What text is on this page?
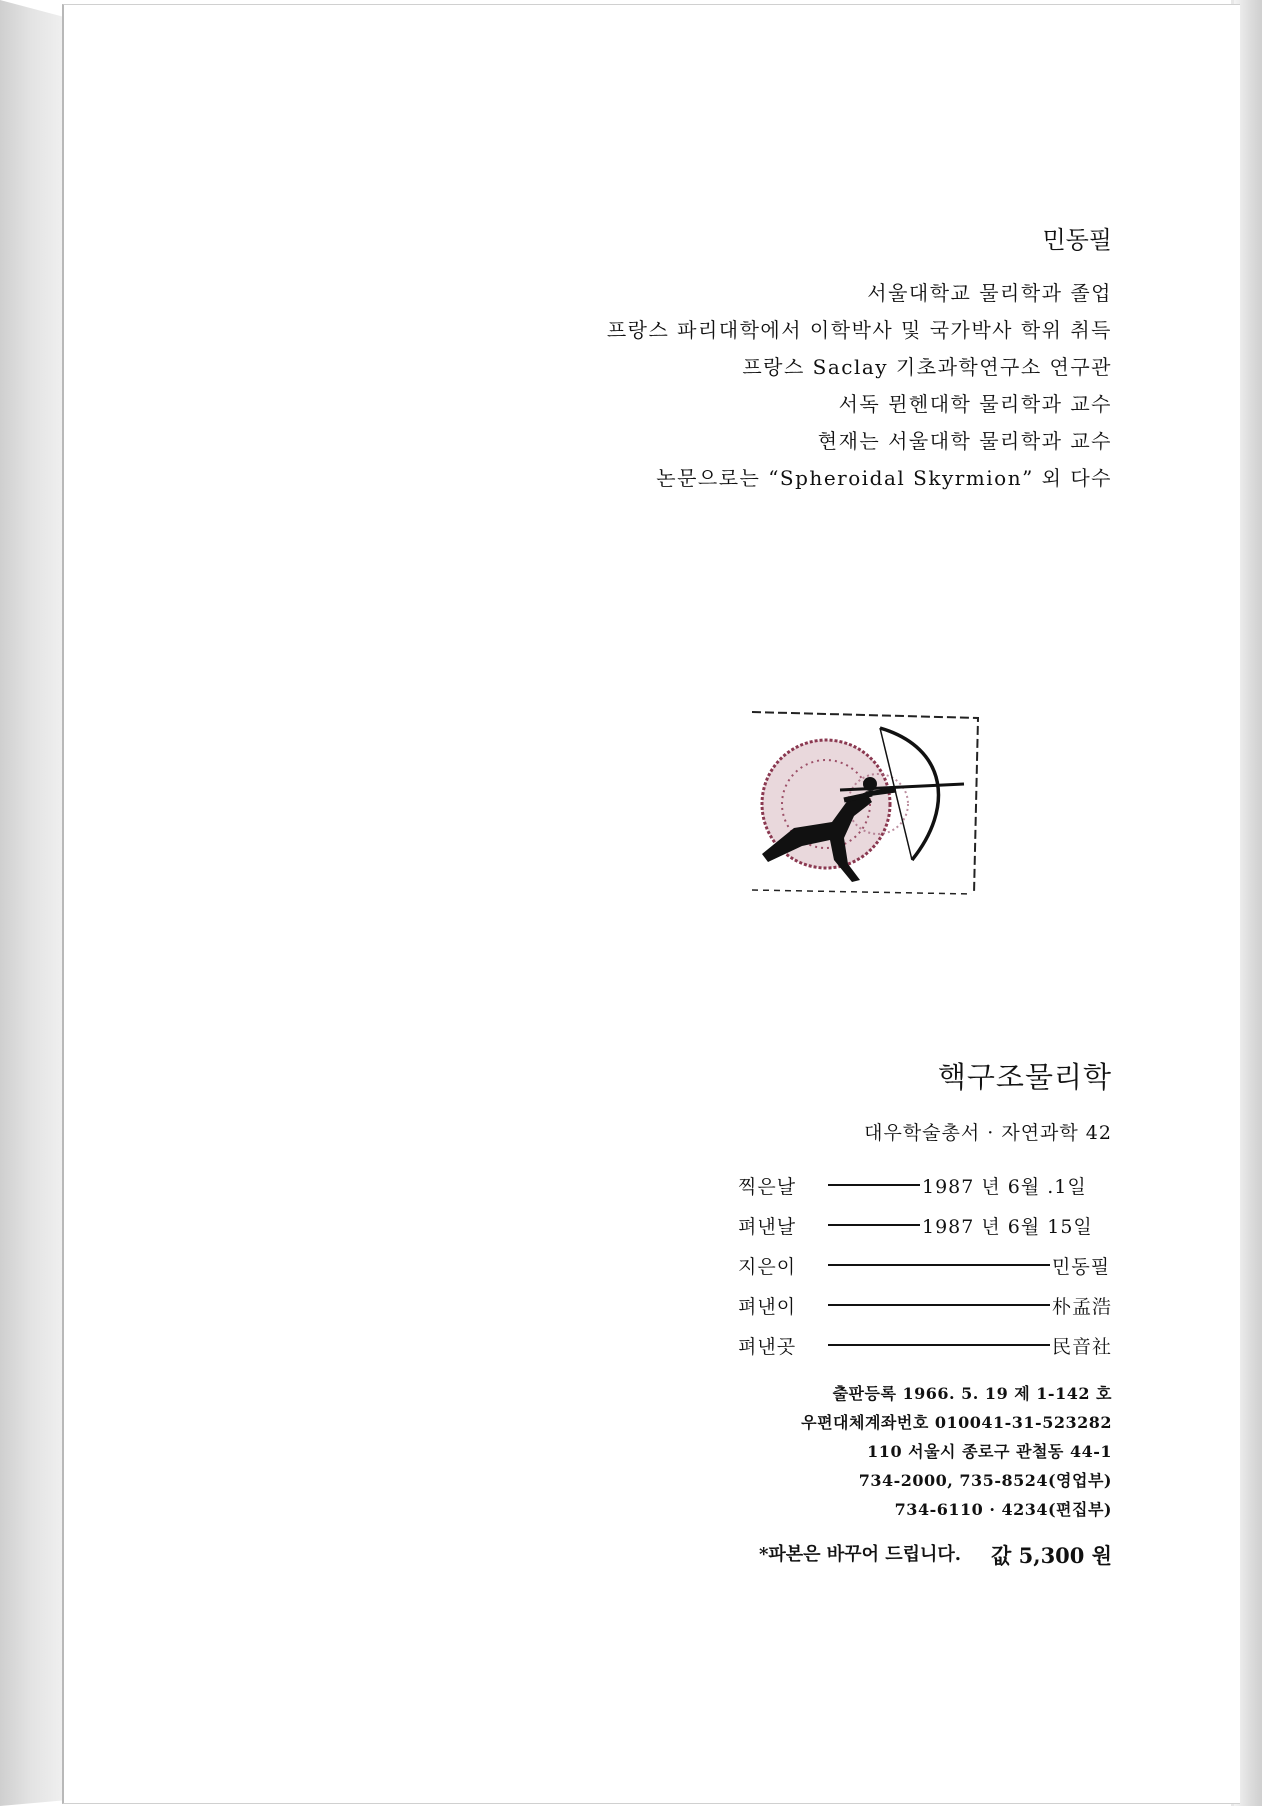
민동필
서울대학교 물리학과 졸업
프랑스 파리대학에서 이학박사 및 국가박사 학위 취득
프랑스 Saclay 기초과학연구소 연구관
서독 뮌헨대학 물리학과 교수
현재는 서울대학 물리학과 교수
논문으로는 “Spheroidal Skyrmion” 외 다수
핵구조물리학
대우학술총서 · 자연과학 42
찍은날	1987 년 6월 .1일
펴낸날	1987 년 6월 15일
지은이	민동필
펴낸이	朴孟浩
펴낸곳	民音社
출판등록 1966. 5. 19 제 1-142 호
우편대체계좌번호 010041-31-523282
110 서울시 종로구 관철동 44-1
734-2000, 735-8524(영업부)
734-6110 · 4234(편집부)
*파본은 바꾸어 드립니다. 값 5,300 원
